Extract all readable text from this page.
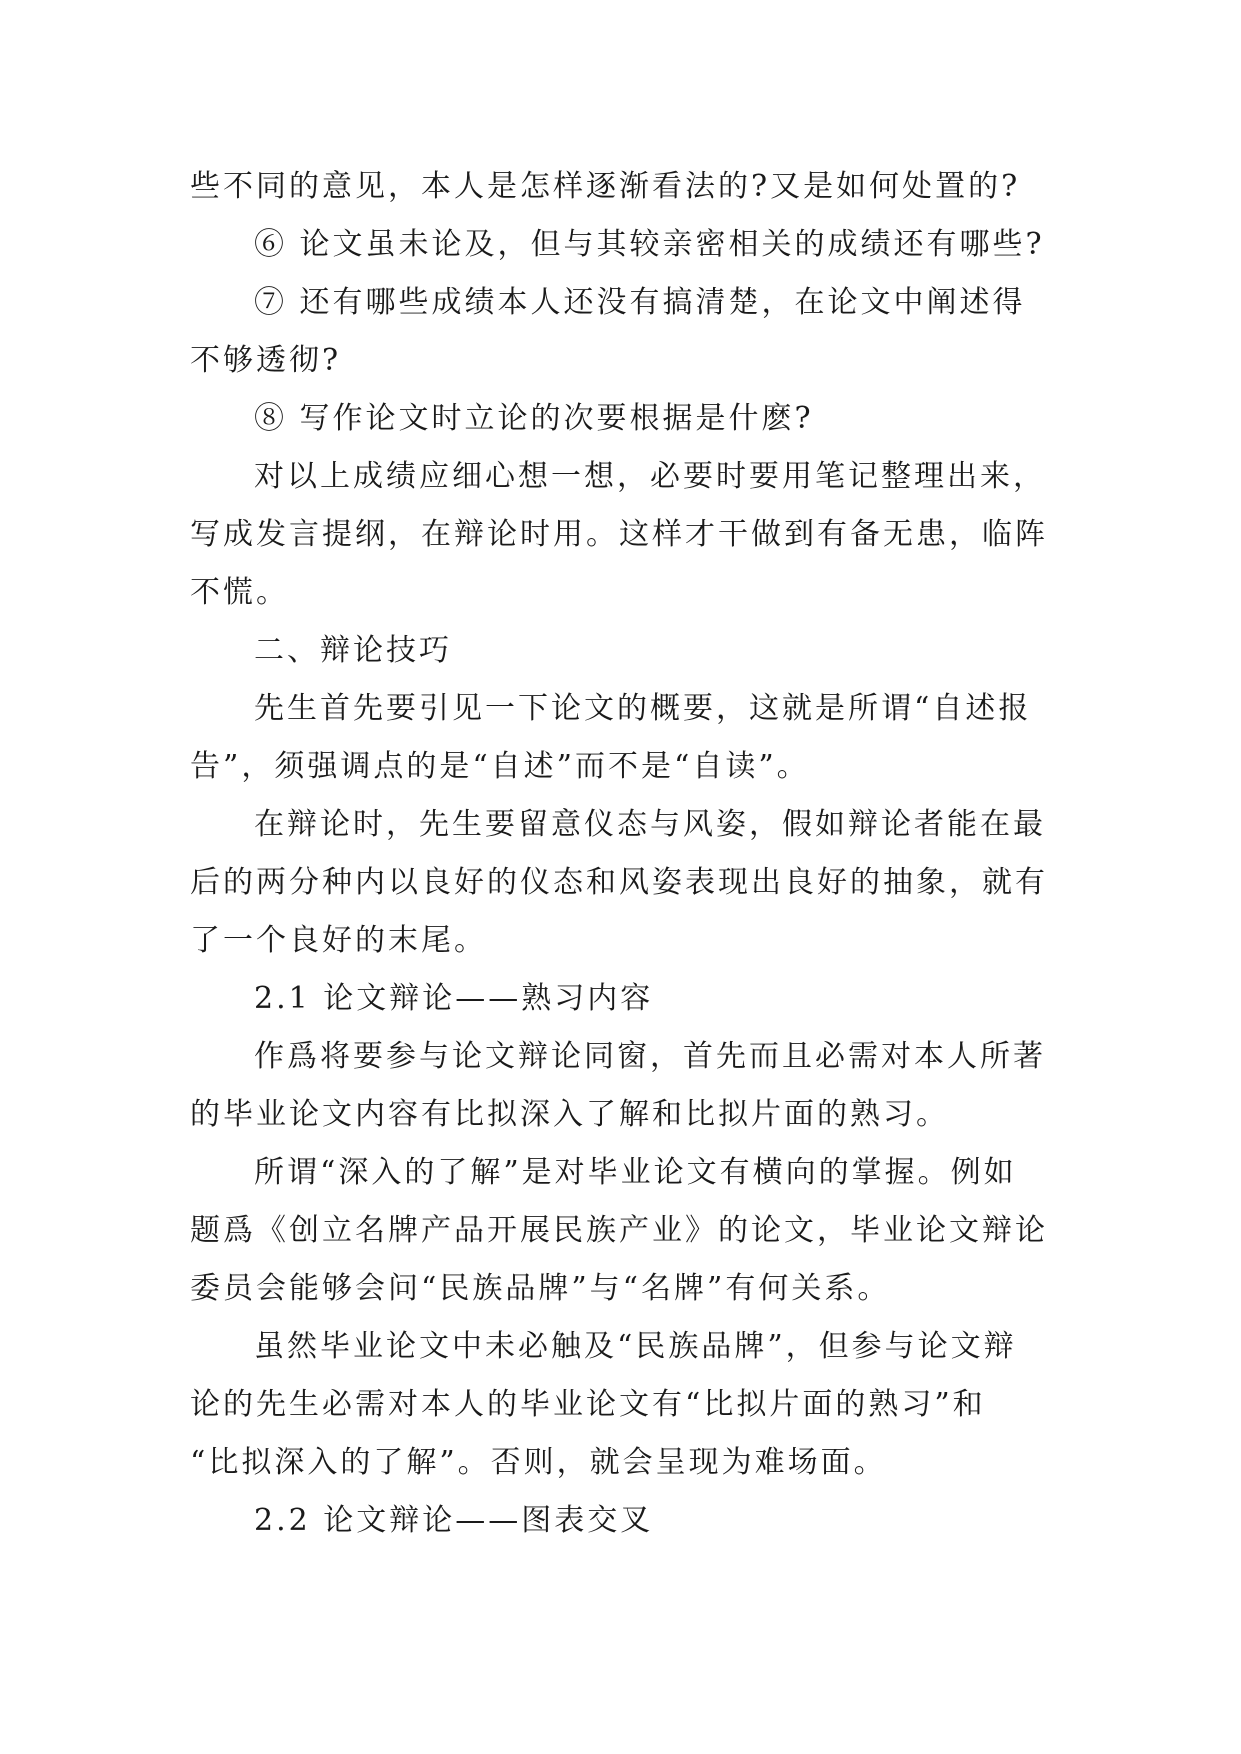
些不同的意见，本人是怎样逐渐看法的?又是如何处置的?
⑥ 论文虽未论及，但与其较亲密相关的成绩还有哪些?
⑦ 还有哪些成绩本人还没有搞清楚，在论文中阐述得
不够透彻?
⑧ 写作论文时立论的次要根据是什麽?
对以上成绩应细心想一想，必要时要用笔记整理出来，
写成发言提纲，在辩论时用。这样才干做到有备无患，临阵
不慌。
二、辩论技巧
先生首先要引见一下论文的概要，这就是所谓“自述报
告”，须强调点的是“自述”而不是“自读”。
在辩论时，先生要留意仪态与风姿，假如辩论者能在最
后的两分种内以良好的仪态和风姿表现出良好的抽象，就有
了一个良好的末尾。
2.1 论文辩论——熟习内容
作爲将要参与论文辩论同窗，首先而且必需对本人所著
的毕业论文内容有比拟深入了解和比拟片面的熟习。
所谓“深入的了解”是对毕业论文有横向的掌握。例如
题爲《创立名牌产品开展民族产业》的论文，毕业论文辩论
委员会能够会问“民族品牌”与“名牌”有何关系。
虽然毕业论文中未必触及“民族品牌”，但参与论文辩
论的先生必需对本人的毕业论文有“比拟片面的熟习”和
“比拟深入的了解”。否则，就会呈现为难场面。
2.2 论文辩论——图表交叉
